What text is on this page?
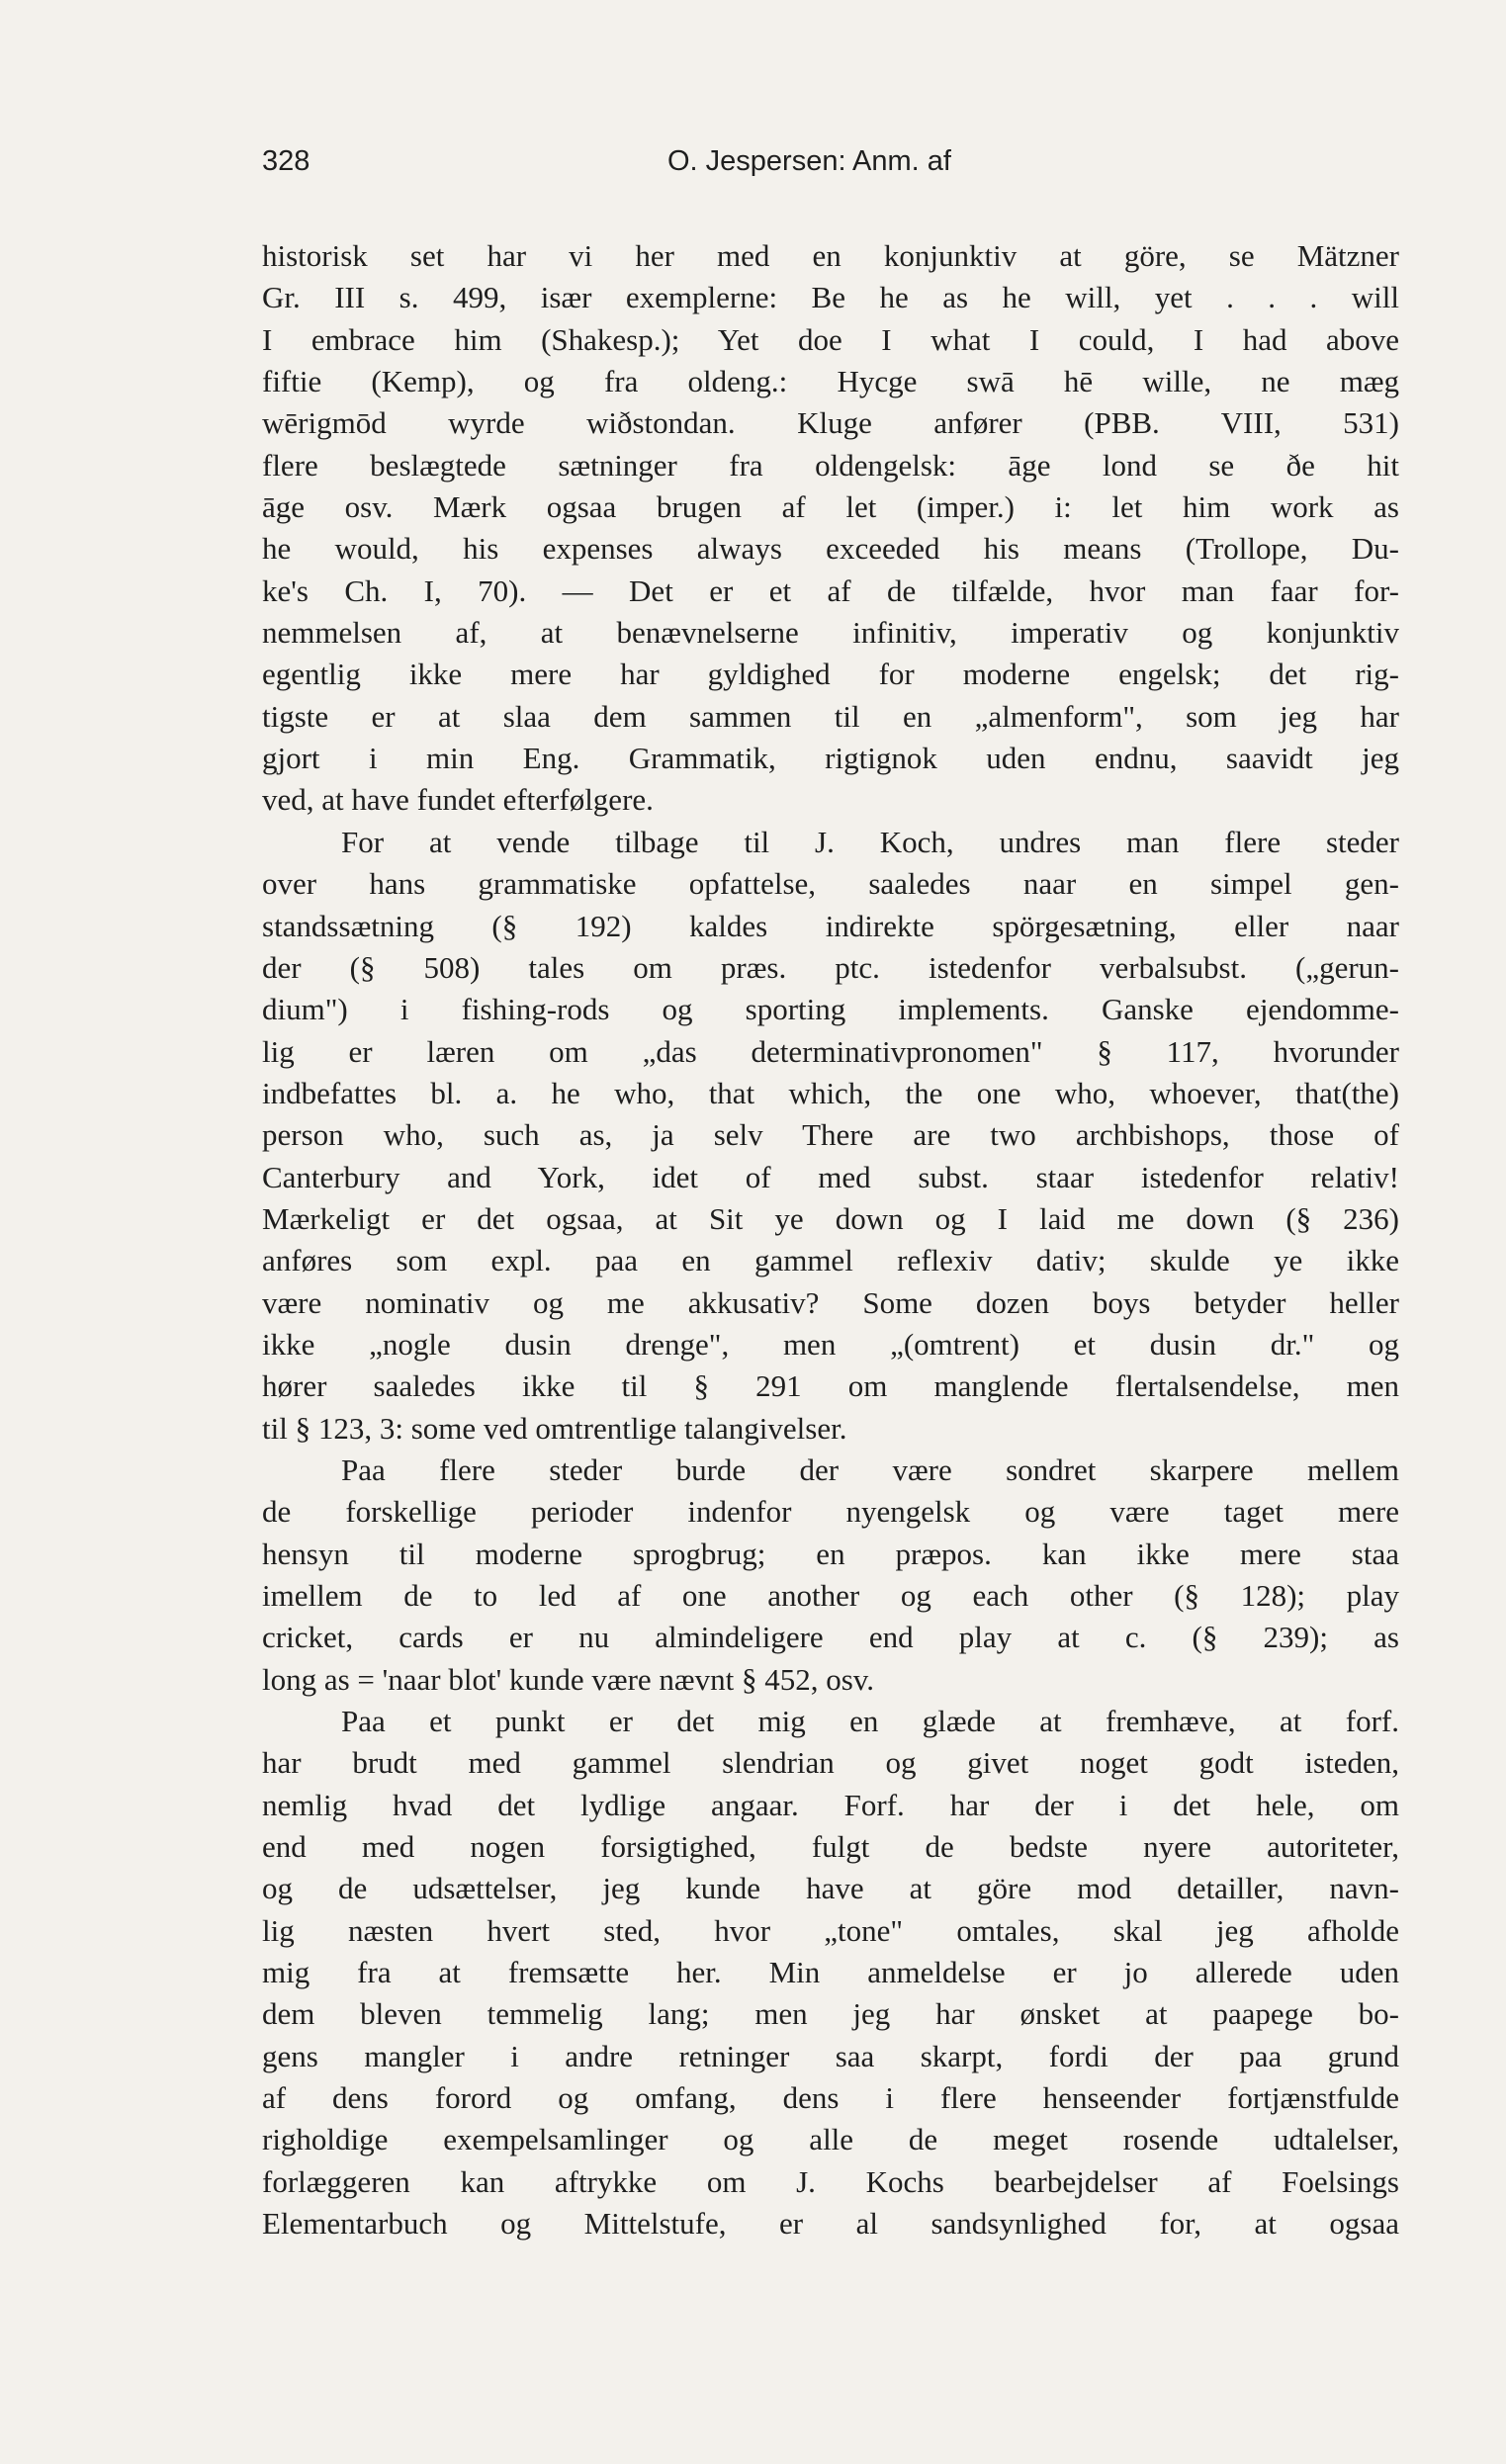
328	O. Jespersen: Anm. af
historisk set har vi her med en konjunktiv at göre, se Mätzner
Gr. III s. 499, især exemplerne: Be he as he will, yet . . . will
I embrace him (Shakesp.); Yet doe I what I could, I had above
fiftie (Kemp), og fra oldeng.: Hycge swā hē wille, ne mæg
wērigmōd wyrde wiðstondan. Kluge anfører (PBB. VIII, 531)
flere beslægtede sætninger fra oldengelsk: āge lond se ðe hit
āge osv. Mærk ogsaa brugen af let (imper.) i: let him work as
he would, his expenses always exceeded his means (Trollope, Du-
ke's Ch. I, 70). — Det er et af de tilfælde, hvor man faar for-
nemmelsen af, at benævnelserne infinitiv, imperativ og konjunktiv
egentlig ikke mere har gyldighed for moderne engelsk; det rig-
tigste er at slaa dem sammen til en „almenform", som jeg har
gjort i min Eng. Grammatik, rigtignok uden endnu, saavidt jeg
ved, at have fundet efterfølgere.
For at vende tilbage til J. Koch, undres man flere steder
over hans grammatiske opfattelse, saaledes naar en simpel gen-
standssætning (§ 192) kaldes indirekte spörgesætning, eller naar
der (§ 508) tales om præs. ptc. istedenfor verbalsubst. („gerun-
dium") i fishing-rods og sporting implements. Ganske ejendomme-
lig er læren om „das determinativpronomen" § 117, hvorunder
indbefattes bl. a. he who, that which, the one who, whoever, that(the)
person who, such as, ja selv There are two archbishops, those of
Canterbury and York, idet of med subst. staar istedenfor relativ!
Mærkeligt er det ogsaa, at Sit ye down og I laid me down (§ 236)
anføres som expl. paa en gammel reflexiv dativ; skulde ye ikke
være nominativ og me akkusativ? Some dozen boys betyder heller
ikke „nogle dusin drenge", men „(omtrent) et dusin dr." og
hører saaledes ikke til § 291 om manglende flertalsendelse, men
til § 123, 3: some ved omtrentlige talangivelser.
Paa flere steder burde der være sondret skarpere mellem
de forskellige perioder indenfor nyengelsk og være taget mere
hensyn til moderne sprogbrug; en præpos. kan ikke mere staa
imellem de to led af one another og each other (§ 128); play
cricket, cards er nu almindeligere end play at c. (§ 239); as
long as = 'naar blot' kunde være nævnt § 452, osv.
Paa et punkt er det mig en glæde at fremhæve, at forf.
har brudt med gammel slendrian og givet noget godt isteden,
nemlig hvad det lydlige angaar. Forf. har der i det hele, om
end med nogen forsigtighed, fulgt de bedste nyere autoriteter,
og de udsættelser, jeg kunde have at göre mod detailler, navn-
lig næsten hvert sted, hvor „tone" omtales, skal jeg afholde
mig fra at fremsætte her. Min anmeldelse er jo allerede uden
dem bleven temmelig lang; men jeg har ønsket at paapege bo-
gens mangler i andre retninger saa skarpt, fordi der paa grund
af dens forord og omfang, dens i flere henseender fortjænstfulde
righoldige exempelsamlinger og alle de meget rosende udtalelser,
forlæggeren kan aftrykke om J. Kochs bearbejdelser af Foelsings
Elementarbuch og Mittelstufe, er al sandsynlighed for, at ogsaa
